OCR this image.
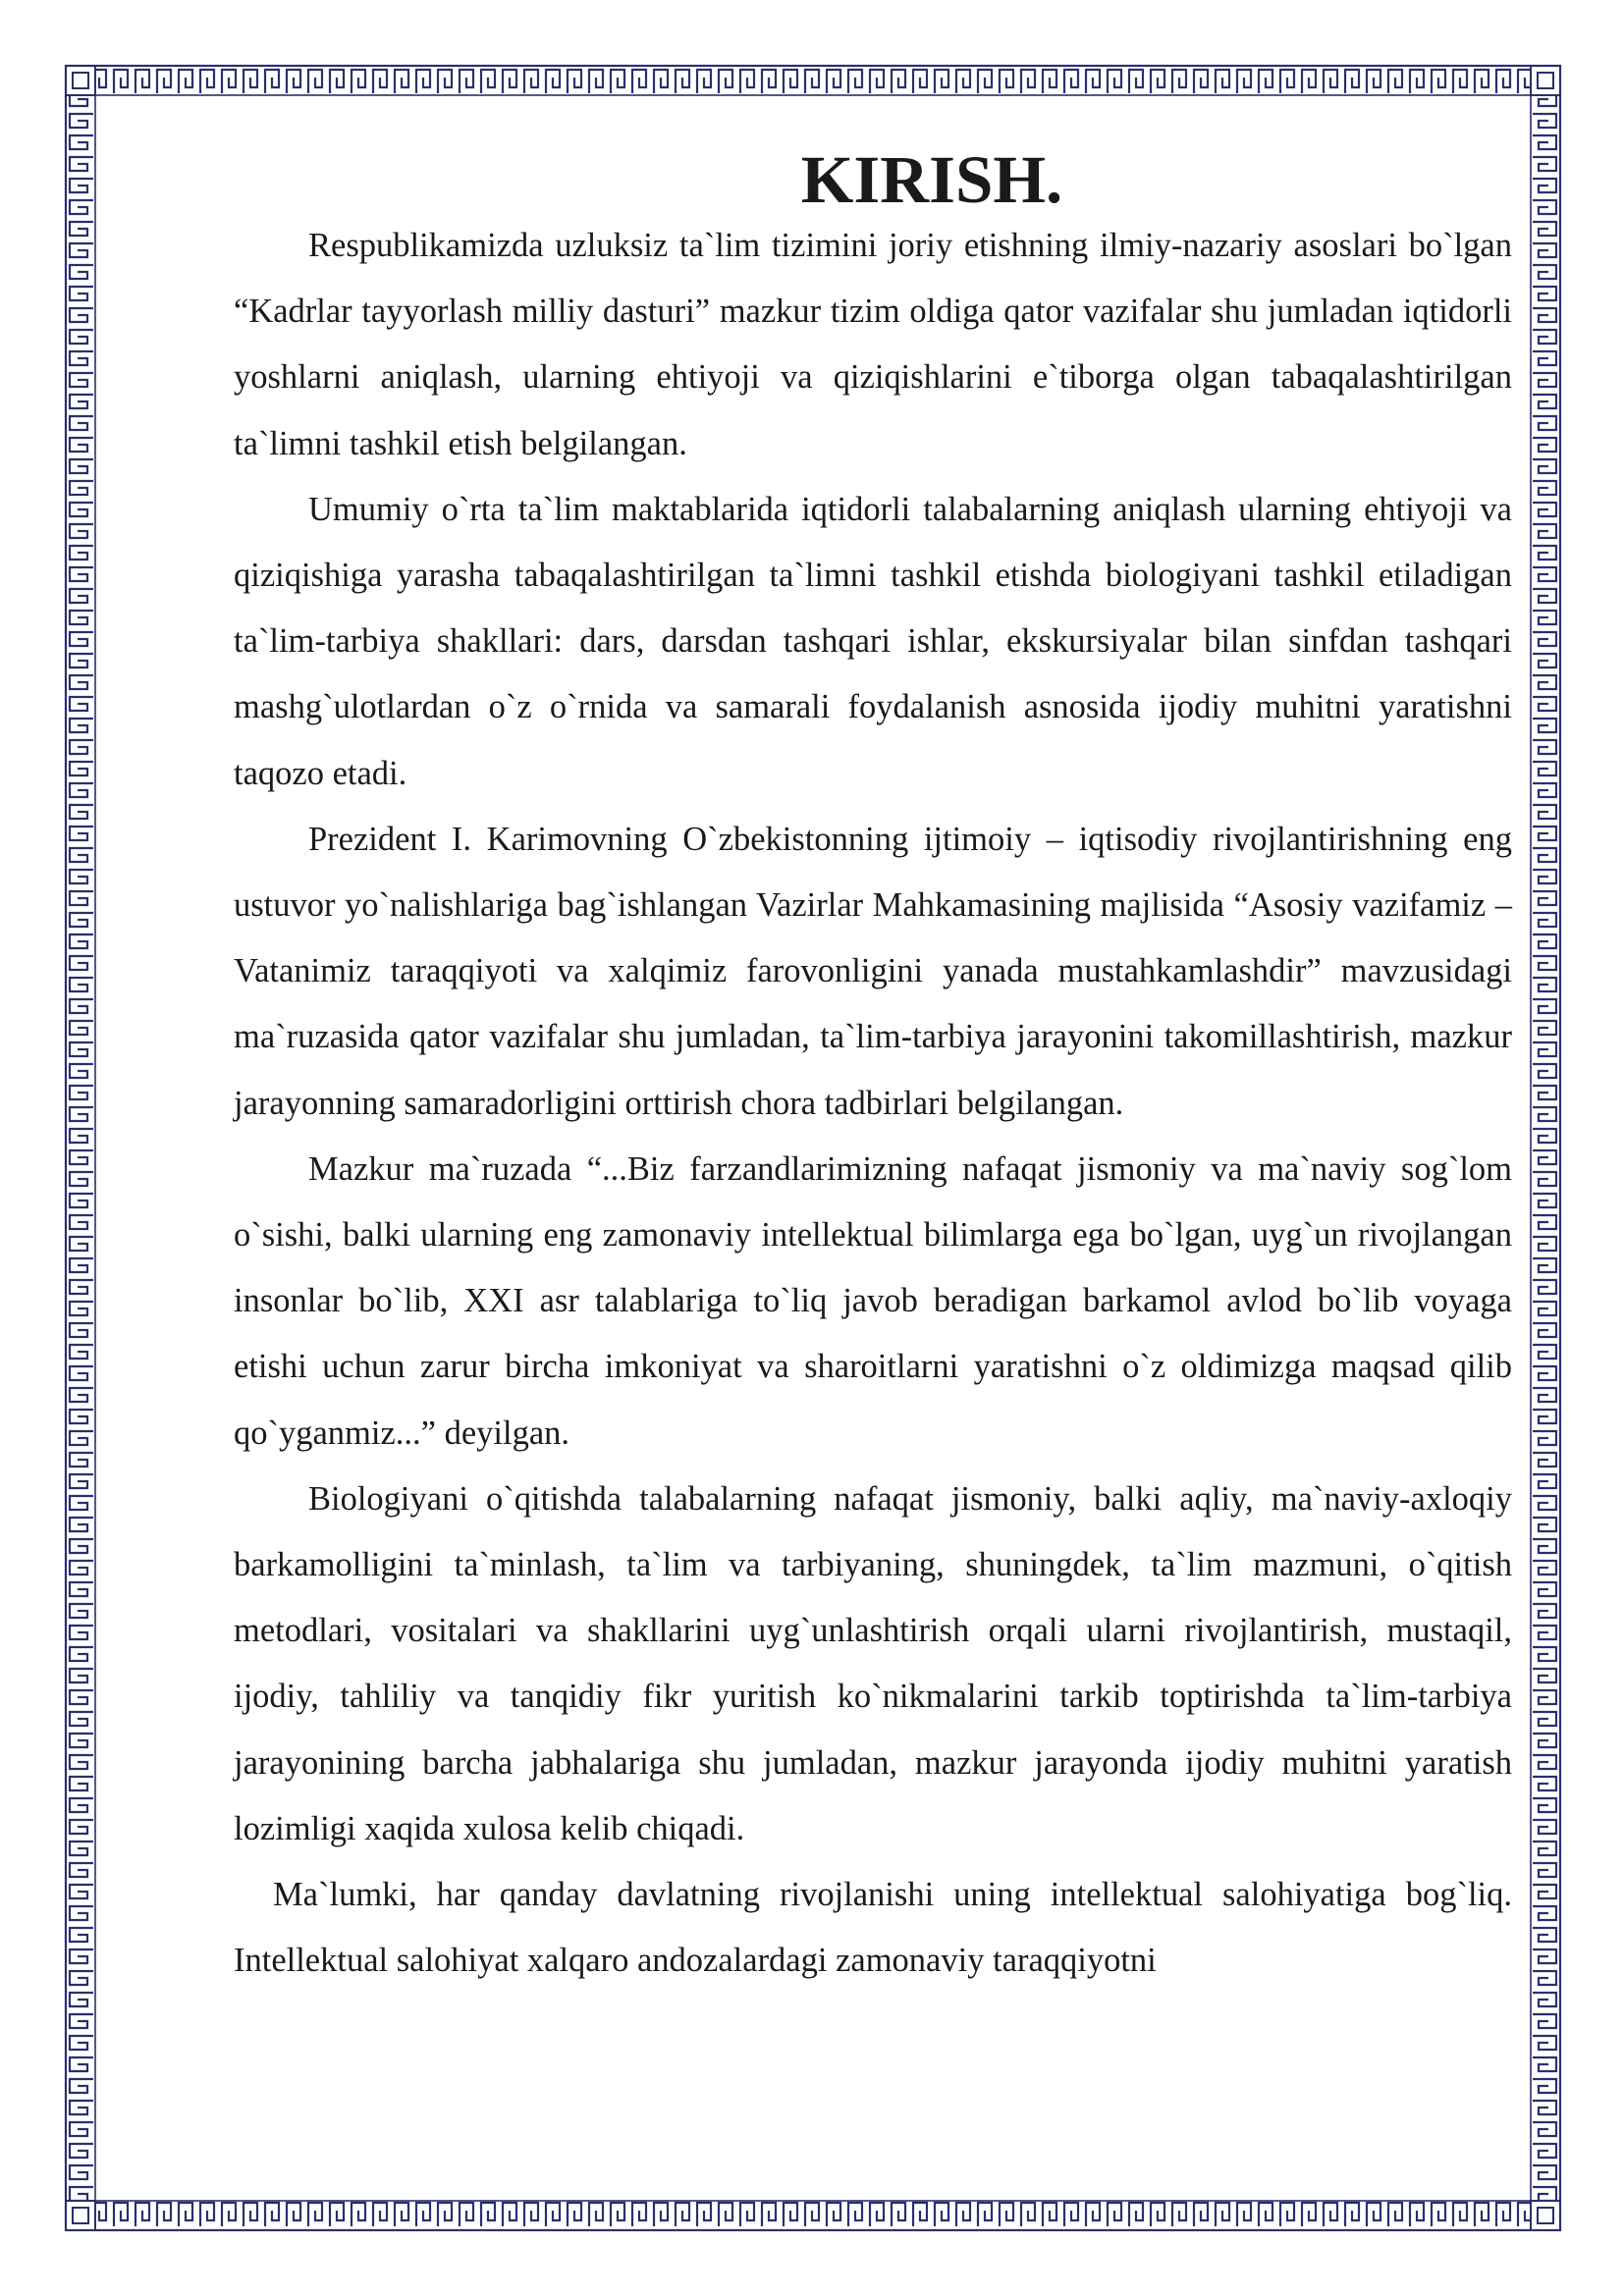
KIRISH.

Respublikamizda uzluksiz ta`lim tizimini joriy etishning ilmiy-nazariy asoslari bo`lgan “Kadrlar tayyorlash milliy dasturi” mazkur tizim oldiga qator vazifalar shu jumladan iqtidorli yoshlarni aniqlash, ularning ehtiyoji va qiziqishlarini e`tiborga olgan tabaqalashtirilgan ta`limni tashkil etish belgilangan.

Umumiy o`rta ta`lim maktablarida iqtidorli talabalarning aniqlash ularning ehtiyoji va qiziqishiga yarasha tabaqalashtirilgan ta`limni tashkil etishda biologiyani tashkil etiladigan ta`lim-tarbiya shakllari: dars, darsdan tashqari ishlar, ekskursiyalar bilan sinfdan tashqari mashg`ulotlardan o`z o`rnida va samarali foydalanish asnosida ijodiy muhitni yaratishni taqozo etadi.

Prezident I. Karimovning O`zbekistonning ijtimoiy – iqtisodiy rivojlantirishning eng ustuvor yo`nalishlariga bag`ishlangan Vazirlar Mahkamasining majlisida “Asosiy vazifamiz – Vatanimiz taraqqiyoti va xalqimiz farovonligini yanada mustahkamlashdir” mavzusidagi ma`ruzasida qator vazifalar shu jumladan, ta`lim-tarbiya jarayonini takomillashtirish, mazkur jarayonning samaradorligini orttirish chora tadbirlari belgilangan.

Mazkur ma`ruzada “...Biz farzandlarimizning nafaqat jismoniy va ma`naviy sog`lom o`sishi, balki ularning eng zamonaviy intellektual bilimlarga ega bo`lgan, uyg`un rivojlangan insonlar bo`lib, XXI asr talablariga to`liq javob beradigan barkamol avlod bo`lib voyaga etishi uchun zarur bircha imkoniyat va sharoitlarni yaratishni o`z oldimizga maqsad qilib qo`yganmiz...” deyilgan.

Biologiyani o`qitishda talabalarning nafaqat jismoniy, balki aqliy, ma`naviy-axloqiy barkamolligini ta`minlash, ta`lim va tarbiyaning, shuningdek, ta`lim mazmuni, o`qitish metodlari, vositalari va shakllarini uyg`unlashtirish orqali ularni rivojlantirish, mustaqil, ijodiy, tahliliy va tanqidiy fikr yuritish ko`nikmalarini tarkib toptirishda ta`lim-tarbiya jarayonining barcha jabhalariga shu jumladan, mazkur jarayonda ijodiy muhitni yaratish lozimligi xaqida xulosa kelib chiqadi.

Ma`lumki, har qanday davlatning rivojlanishi uning intellektual salohiyatiga bog`liq. Intellektual salohiyat xalqaro andozalardagi zamonaviy taraqqiyotni
